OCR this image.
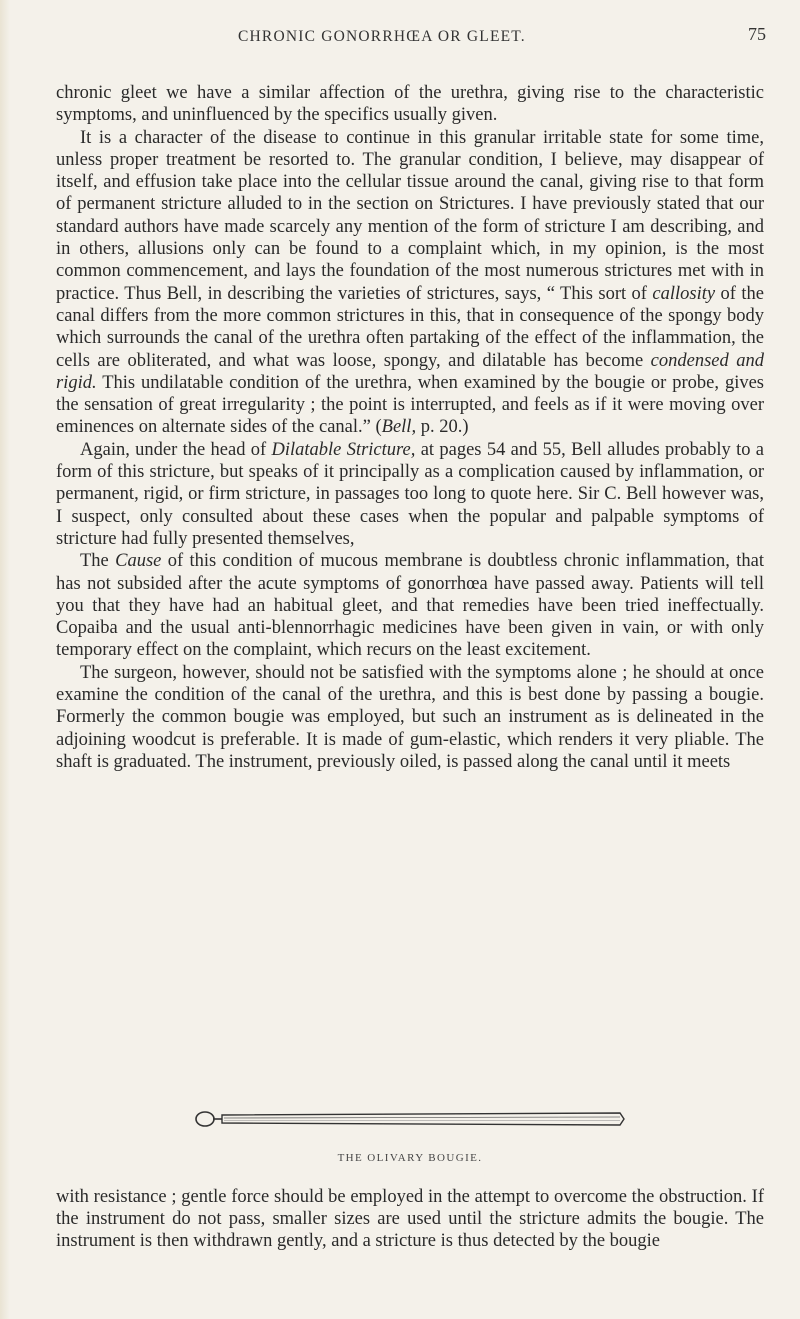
CHRONIC GONORRHŒA OR GLEET.	75

chronic gleet we have a similar affection of the urethra, giving rise to the characteristic symptoms, and uninfluenced by the specifics usually given.

It is a character of the disease to continue in this granular irritable state for some time, unless proper treatment be resorted to. The granular condition, I believe, may disappear of itself, and effusion take place into the cellular tissue around the canal, giving rise to that form of permanent stricture alluded to in the section on Strictures. I have previously stated that our standard authors have made scarcely any mention of the form of stricture I am describing, and in others, allusions only can be found to a complaint which, in my opinion, is the most common commencement, and lays the foundation of the most numerous strictures met with in practice. Thus Bell, in describing the varieties of strictures, says, “ This sort of callosity of the canal differs from the more common strictures in this, that in consequence of the spongy body which surrounds the canal of the urethra often partaking of the effect of the inflammation, the cells are obliterated, and what was loose, spongy, and dilatable has become condensed and rigid. This undilatable condition of the urethra, when examined by the bougie or probe, gives the sensation of great irregularity ; the point is interrupted, and feels as if it were moving over eminences on alternate sides of the canal.” (Bell, p. 20.)

Again, under the head of Dilatable Stricture, at pages 54 and 55, Bell alludes probably to a form of this stricture, but speaks of it principally as a complication caused by inflammation, or permanent, rigid, or firm stricture, in passages too long to quote here. Sir C. Bell however was, I suspect, only consulted about these cases when the popular and palpable symptoms of stricture had fully presented themselves,

The Cause of this condition of mucous membrane is doubtless chronic inflammation, that has not subsided after the acute symptoms of gonorrhœa have passed away. Patients will tell you that they have had an habitual gleet, and that remedies have been tried ineffectually. Copaiba and the usual anti-blennorrhagic medicines have been given in vain, or with only temporary effect on the complaint, which recurs on the least excitement.

The surgeon, however, should not be satisfied with the symptoms alone ; he should at once examine the condition of the canal of the urethra, and this is best done by passing a bougie. Formerly the common bougie was employed, but such an instrument as is delineated in the adjoining woodcut is preferable. It is made of gum-elastic, which renders it very pliable. The shaft is graduated. The instrument, previously oiled, is passed along the canal until it meets

THE OLIVARY BOUGIE.

with resistance ; gentle force should be employed in the attempt to overcome the obstruction. If the instrument do not pass, smaller sizes are used until the stricture admits the bougie. The instrument is then withdrawn gently, and a stricture is thus detected by the bougie
